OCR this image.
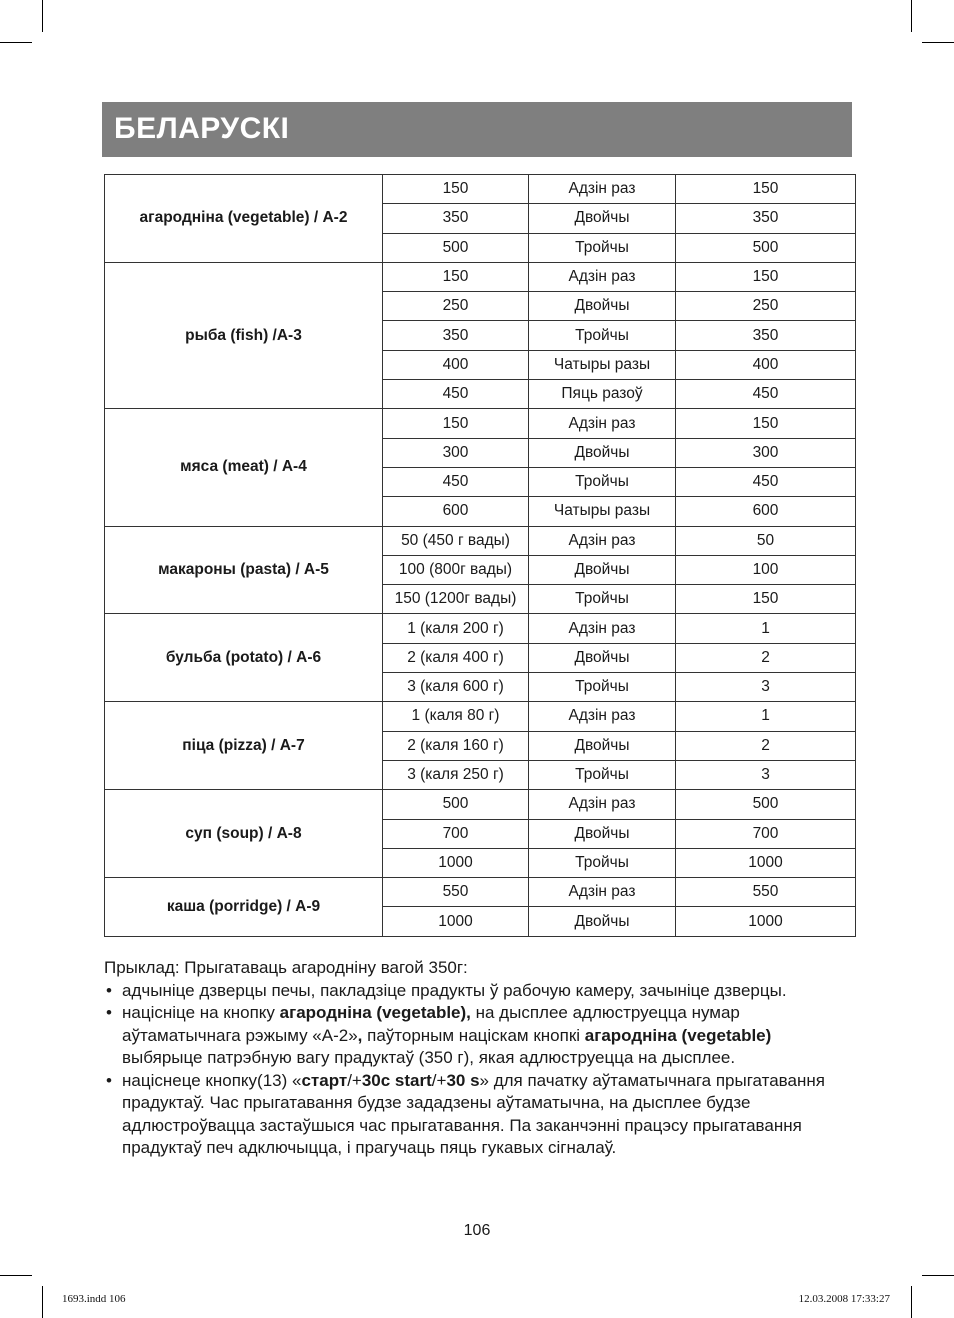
БЕЛАРУСКІ
агароднiна (vegetable) / A-2	150	Адзiн раз	150
	350	Двойчы	350
	500	Тройчы	500
рыба (fish) /A-3	150	Адзiн раз	150
	250	Двойчы	250
	350	Тройчы	350
	400	Чатыры разы	400
	450	Пяць разоў	450
мяса (meat) / A-4	150	Адзiн раз	150
	300	Двойчы	300
	450	Тройчы	450
	600	Чатыры разы	600
макароны (pasta) / A-5	50 (450 г вады)	Адзiн раз	50
	100 (800г вады)	Двойчы	100
	150 (1200г вады)	Тройчы	150
бульба (potato) / A-6	1 (каля 200 г)	Адзiн раз	1
	2 (каля 400 г)	Двойчы	2
	3 (каля 600 г)	Тройчы	3
піца (pizza) / A-7	1 (каля 80 г)	Адзiн раз	1
	2 (каля 160 г)	Двойчы	2
	3 (каля 250 г)	Тройчы	3
суп (soup) / A-8	500	Адзiн раз	500
	700	Двойчы	700
	1000	Тройчы	1000
каша (porridge) / A-9	550	Адзiн раз	550
	1000	Двойчы	1000

Прыклад: Прыгатаваць агароднiну вагой 350г:

• адчынiце дзверцы печы, пакладзiце прадукты ў рабочую камеру, зачынiце дзверцы.
• нацiснiце на кнопку агароднiна (vegetable), на дысплее адлюструецца нумар аўтаматычнага рэжыму «А-2», паўторным нацiскам кнопкi агароднiна (vegetable) выбярыце патрэбную вагу прадуктаў (350 г), якая адлюструецца на дысплее.
• нацiснеце кнопку(13) «старт/+30с start/+30 s» для пачатку аўтаматычнага прыгатавання прадуктаў. Час прыгатавання будзе зададзены аўтаматычна, на дысплее будзе адлюстроўвацца застаўшыся час прыгатавання. Па заканчэннi працэсу прыгатавання прадуктаў печ адключыцца, i прагучаць пяць гукавых сігналаў.
106
1693.indd 106	12.03.2008 17:33:27
